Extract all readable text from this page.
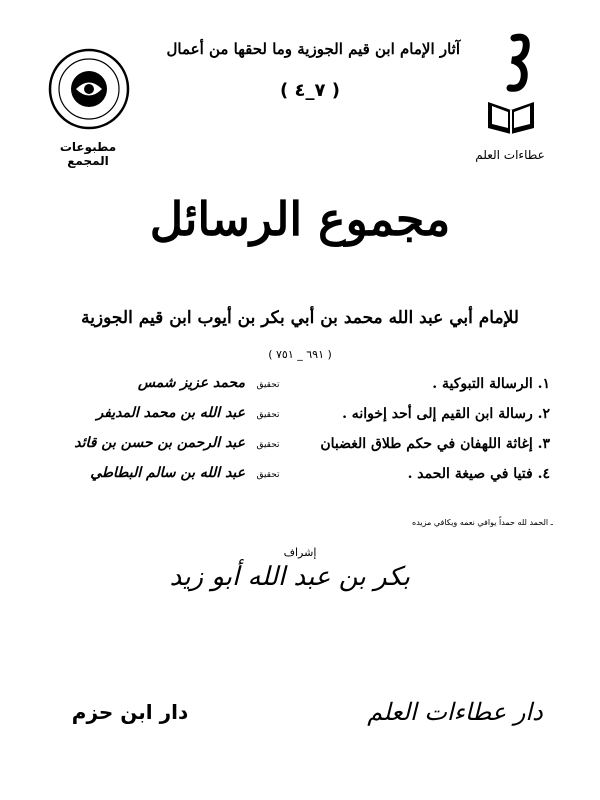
مطبوعات المجمع
آثار الإمام ابن قيم الجوزية وما لحقها من أعمال
( ٧_٤ )
عطاءات العلم
مجموع الرسائل
للإمام أبي عبد الله محمد بن أبي بكر بن أيوب ابن قيم الجوزية
( ٦٩١ _ ٧٥١ )
١. الرسالة التبوكية .
تحقيق
محمد عزيز شمس
٢. رسالة ابن القيم إلى أحد إخوانه .
تحقيق
عبد الله بن محمد المديفر
٣. إغاثة اللهفان في حكم طلاق الغضبان
تحقيق
عبد الرحمن بن حسن بن قائد
٤. فتيا في صيغة الحمد .
تحقيق
عبد الله بن سالم البطاطي
ـ الحمد لله حمداً يوافي نعمه ويكافي مزيده
إشراف
بكر بن عبد الله أبو زيد
دار ابن حزم	دار عطاءات العلم
